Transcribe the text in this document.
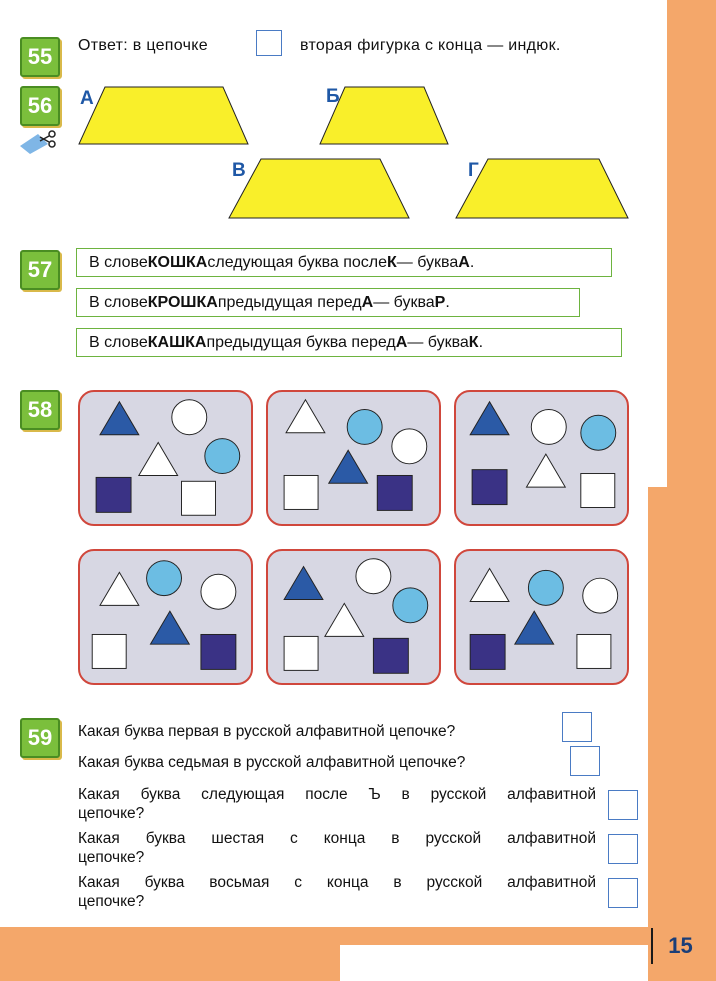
15
55	Ответ: в цепочке	вторая фигурка с конца — индюк.
56	А	Б
В	Г
57	В слове КОШКА следующая буква после К — буква А .
В слове КРОШКА предыдущая перед А — буква Р .
В слове КАШКА предыдущая буква перед А — буква К .
58
59	Какая буква первая в русской алфавитной цепочке?
Какая буква седьмая в русской алфавитной цепочке?
Какая буква следующая после Ъ в русской алфавитной
цепочке?
Какая буква шестая с конца в русской алфавитной
цепочке?
Какая буква восьмая с конца в русской алфавитной
цепочке?
